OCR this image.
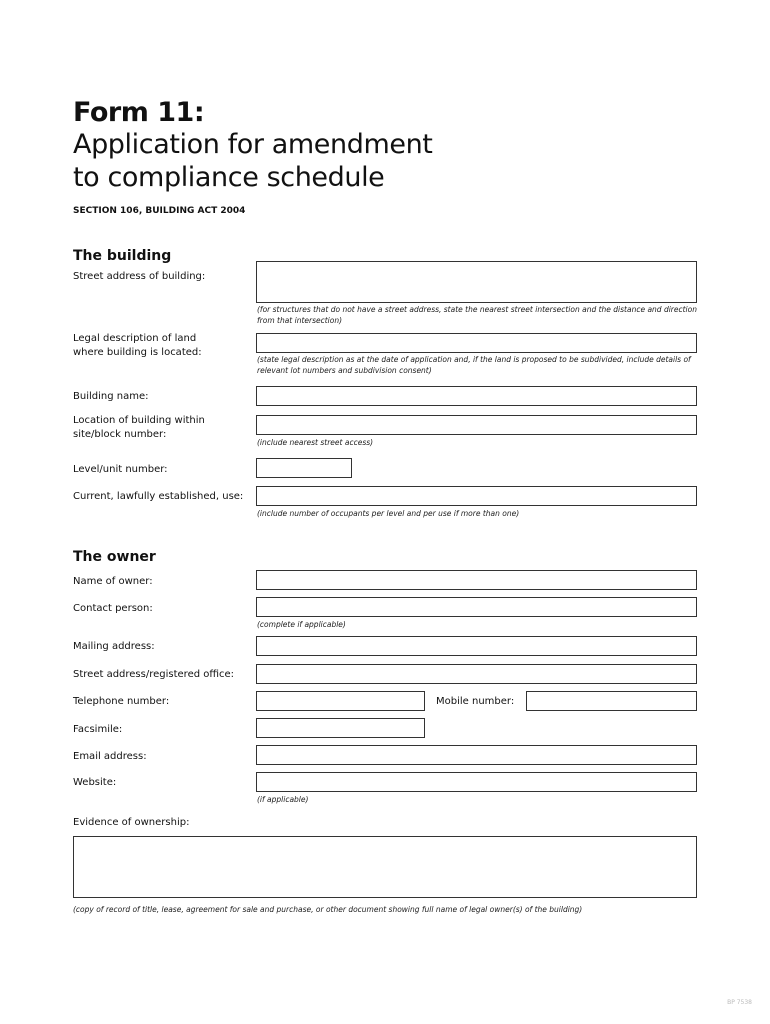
Form 11:
Application for amendment
to compliance schedule
SECTION 106, BUILDING ACT 2004
The building
Street address of building:
(for structures that do not have a street address, state the nearest street intersection and the distance and direction from that intersection)
Legal description of land
where building is located:
(state legal description as at the date of application and, if the land is proposed to be subdivided, include details of relevant lot numbers and subdivision consent)
Building name:
Location of building within
site/block number:
(include nearest street access)
Level/unit number:
Current, lawfully established, use:
(include number of occupants per level and per use if more than one)
The owner
Name of owner:
Contact person:
(complete if applicable)
Mailing address:
Street address/registered office:
Telephone number:	Mobile number:
Facsimile:
Email address:
Website:
(if applicable)
Evidence of ownership:
(copy of record of title, lease, agreement for sale and purchase, or other document showing full name of legal owner(s) of the building)
BP 7538
